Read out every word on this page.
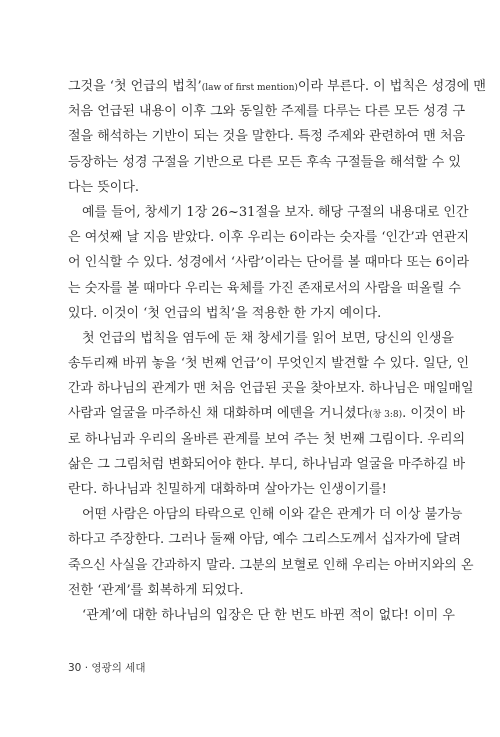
그것을 ‘첫 언급의 법칙’(law of first mention)이라 부른다. 이 법칙은 성경에 맨
처음 언급된 내용이 이후 그와 동일한 주제를 다루는 다른 모든 성경 구
절을 해석하는 기반이 되는 것을 말한다. 특정 주제와 관련하여 맨 처음
등장하는 성경 구절을 기반으로 다른 모든 후속 구절들을 해석할 수 있
다는 뜻이다.
예를 들어, 창세기 1장 26~31절을 보자. 해당 구절의 내용대로 인간
은 여섯째 날 지음 받았다. 이후 우리는 6이라는 숫자를 ‘인간’과 연관지
어 인식할 수 있다. 성경에서 ‘사람’이라는 단어를 볼 때마다 또는 6이라
는 숫자를 볼 때마다 우리는 육체를 가진 존재로서의 사람을 떠올릴 수
있다. 이것이 ‘첫 언급의 법칙’을 적용한 한 가지 예이다.
첫 언급의 법칙을 염두에 둔 채 창세기를 읽어 보면, 당신의 인생을
송두리째 바뀌 놓을 ‘첫 번째 언급’이 무엇인지 발견할 수 있다. 일단, 인
간과 하나님의 관계가 맨 처음 언급된 곳을 찾아보자. 하나님은 매일매일
사람과 얼굴을 마주하신 채 대화하며 에덴을 거니셨다(창 3:8). 이것이 바
로 하나님과 우리의 올바른 관계를 보여 주는 첫 번째 그림이다. 우리의
삶은 그 그림처럼 변화되어야 한다. 부디, 하나님과 얼굴을 마주하길 바
란다. 하나님과 친밀하게 대화하며 살아가는 인생이기를!
어떤 사람은 아담의 타락으로 인해 이와 같은 관계가 더 이상 불가능
하다고 주장한다. 그러나 둘째 아담, 예수 그리스도께서 십자가에 달려
죽으신 사실을 간과하지 말라. 그분의 보혈로 인해 우리는 아버지와의 온
전한 ‘관계’를 회복하게 되었다.
‘관계’에 대한 하나님의 입장은 단 한 번도 바뀐 적이 없다! 이미 우
30 · 영광의 세대
